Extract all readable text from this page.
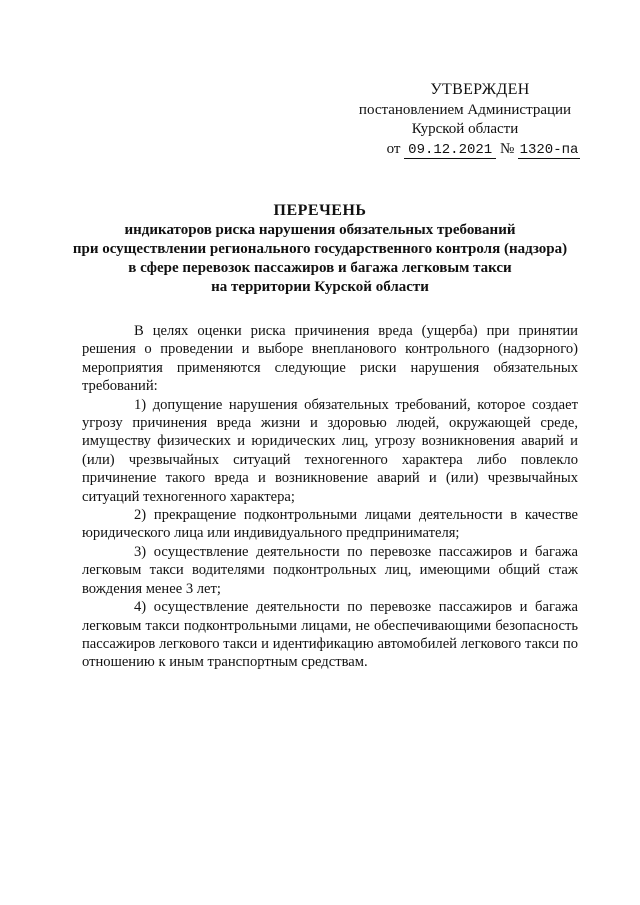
УТВЕРЖДЕН
постановлением Администрации
Курской области
от 09.12.2021 № 1320-па
ПЕРЕЧЕНЬ
индикаторов риска нарушения обязательных требований
при осуществлении регионального государственного контроля (надзора)
в сфере перевозок пассажиров и багажа легковым такси
на территории Курской области

В целях оценки риска причинения вреда (ущерба) при принятии решения о проведении и выборе внепланового контрольного (надзорного) мероприятия применяются следующие риски нарушения обязательных требований:

1) допущение нарушения обязательных требований, которое создает угрозу причинения вреда жизни и здоровью людей, окружающей среде, имуществу физических и юридических лиц, угрозу возникновения аварий и (или) чрезвычайных ситуаций техногенного характера либо повлекло причинение такого вреда и возникновение аварий и (или) чрезвычайных ситуаций техногенного характера;

2) прекращение подконтрольными лицами деятельности в качестве юридического лица или индивидуального предпринимателя;

3) осуществление деятельности по перевозке пассажиров и багажа легковым такси водителями подконтрольных лиц, имеющими общий стаж вождения менее 3 лет;

4) осуществление деятельности по перевозке пассажиров и багажа легковым такси подконтрольными лицами, не обеспечивающими безопасность пассажиров легкового такси и идентификацию автомобилей легкового такси по отношению к иным транспортным средствам.
